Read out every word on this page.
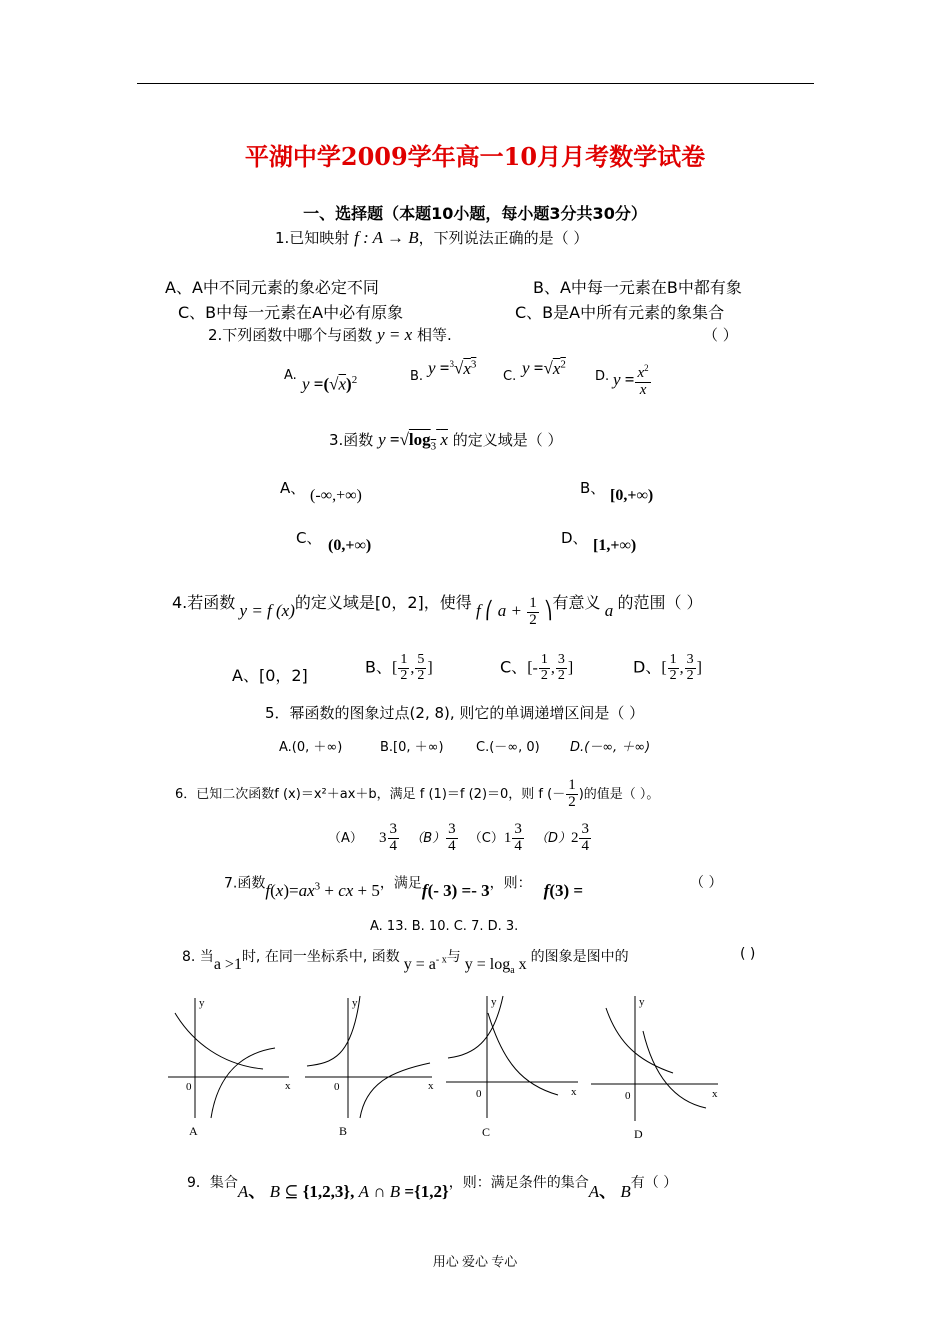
平湖中学2009学年高一10月月考数学试卷
一、选择题（本题10小题，每小题3分共30分）
1.已知映射 f : A → B，下列说法正确的是（ ）
A、A中不同元素的象必定不同	B、A中每一元素在B中都有象
C、B中每一元素在A中必有原象	C、B是A中所有元素的象集合
2.下列函数中哪个与函数 y = x 相等.	（ ）
A. $y =(√x)^2$	B. $y =^3√x^3$
C. $y =√x^2$
D. $y = \frac{x^2}{x}$
3.函数 $y =√\log_3$ x 的定义域是（ ）
A、 (-∞,+∞)	B、 [0,+∞)
C、 (0,+∞)	D、 [1,+∞)
4.若函数 y = f (x)的定义域是[0，2]，使得 f ⎛ $a + \frac{1}{2}$ ⎞有意义 a 的范围（ ）
A、[0，2]	B、[ $\frac{1}{2}$ , $\frac{5}{2}$ ]	C、[- $\frac{1}{2}$ , $\frac{3}{2}$ ]	D、[ $\frac{1}{2}$ , $\frac{3}{2}$ ]
5．幂函数的图象过点(2, 8), 则它的单调递增区间是（ ）
A.(0, ＋∞)	B.[0, ＋∞) C.(－∞, 0) D.(－∞, ＋∞)
6．已知二次函数f (x)＝x²＋ax＋b，满足 f (1)＝f (2)＝0，则 f (－ $\frac{1}{2}$ )的值是（ ）。
（A） $3 \frac{3}{4} (B) \frac{3}{4} (C)1 \frac{3}{4} (D)2 \frac{3}{4}$
7.函数$f(x)=ax^3$ + cx + 5，满足f(- 3) =- 3，则： f(3) =	（ ）
A. 13. B. 10. C. 7. D. 3.
8. 当a >1时, 在同一坐标系中, 函数 $y = a^{- x}$与 $y = \log_a x$ 的图象是图中的	( )
y
x
0
A
y
x
0
B
y
x
0
C
y
x
0
D
9．集合A、 B ⊆ {1,2,3}, A ∩ B ={1,2}，则：满足条件的集合A、 B有（ ）
用心 爱心 专心
